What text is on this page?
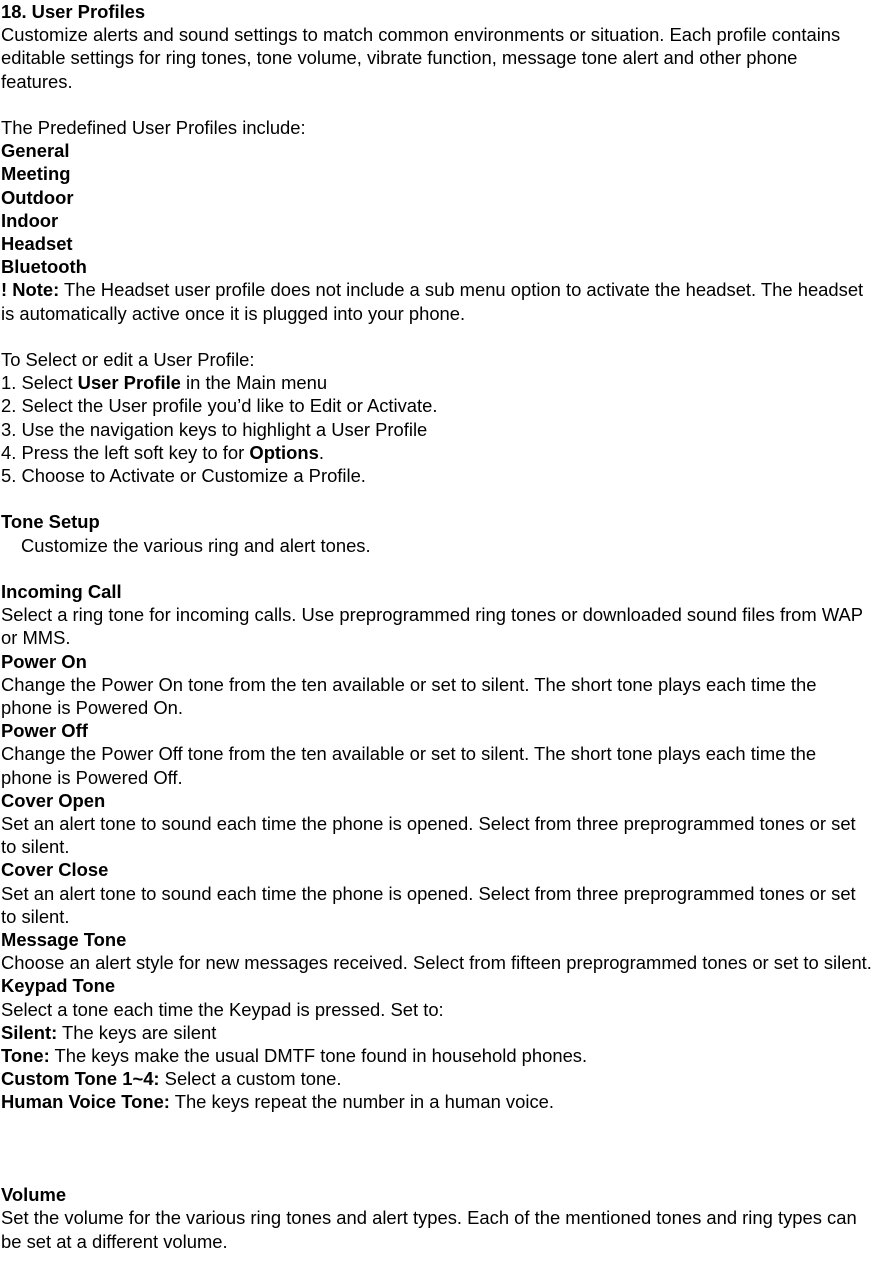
18. User Profiles

Customize alerts and sound settings to match common environments or situation. Each profile contains editable settings for ring tones, tone volume, vibrate function, message tone alert and other phone features.

The Predefined User Profiles include:

General

Meeting

Outdoor

Indoor

Headset

Bluetooth

! Note: The Headset user profile does not include a sub menu option to activate the headset. The headset is automatically active once it is plugged into your phone.

To Select or edit a User Profile:

1. Select User Profile in the Main menu

2. Select the User profile you’d like to Edit or Activate.

3. Use the navigation keys to highlight a User Profile

4. Press the left soft key to for Options.

5. Choose to Activate or Customize a Profile.

Tone Setup

Customize the various ring and alert tones.

Incoming Call

Select a ring tone for incoming calls. Use preprogrammed ring tones or downloaded sound files from WAP or MMS.

Power On

Change the Power On tone from the ten available or set to silent. The short tone plays each time the phone is Powered On.

Power Off

Change the Power Off tone from the ten available or set to silent. The short tone plays each time the phone is Powered Off.

Cover Open

Set an alert tone to sound each time the phone is opened. Select from three preprogrammed tones or set to silent.

Cover Close

Set an alert tone to sound each time the phone is opened. Select from three preprogrammed tones or set to silent.

Message Tone

Choose an alert style for new messages received. Select from fifteen preprogrammed tones or set to silent.

Keypad Tone

Select a tone each time the Keypad is pressed. Set to:

Silent: The keys are silent

Tone: The keys make the usual DMTF tone found in household phones.

Custom Tone 1~4: Select a custom tone.

Human Voice Tone: The keys repeat the number in a human voice.

Volume

Set the volume for the various ring tones and alert types. Each of the mentioned tones and ring types can be set at a different volume.
